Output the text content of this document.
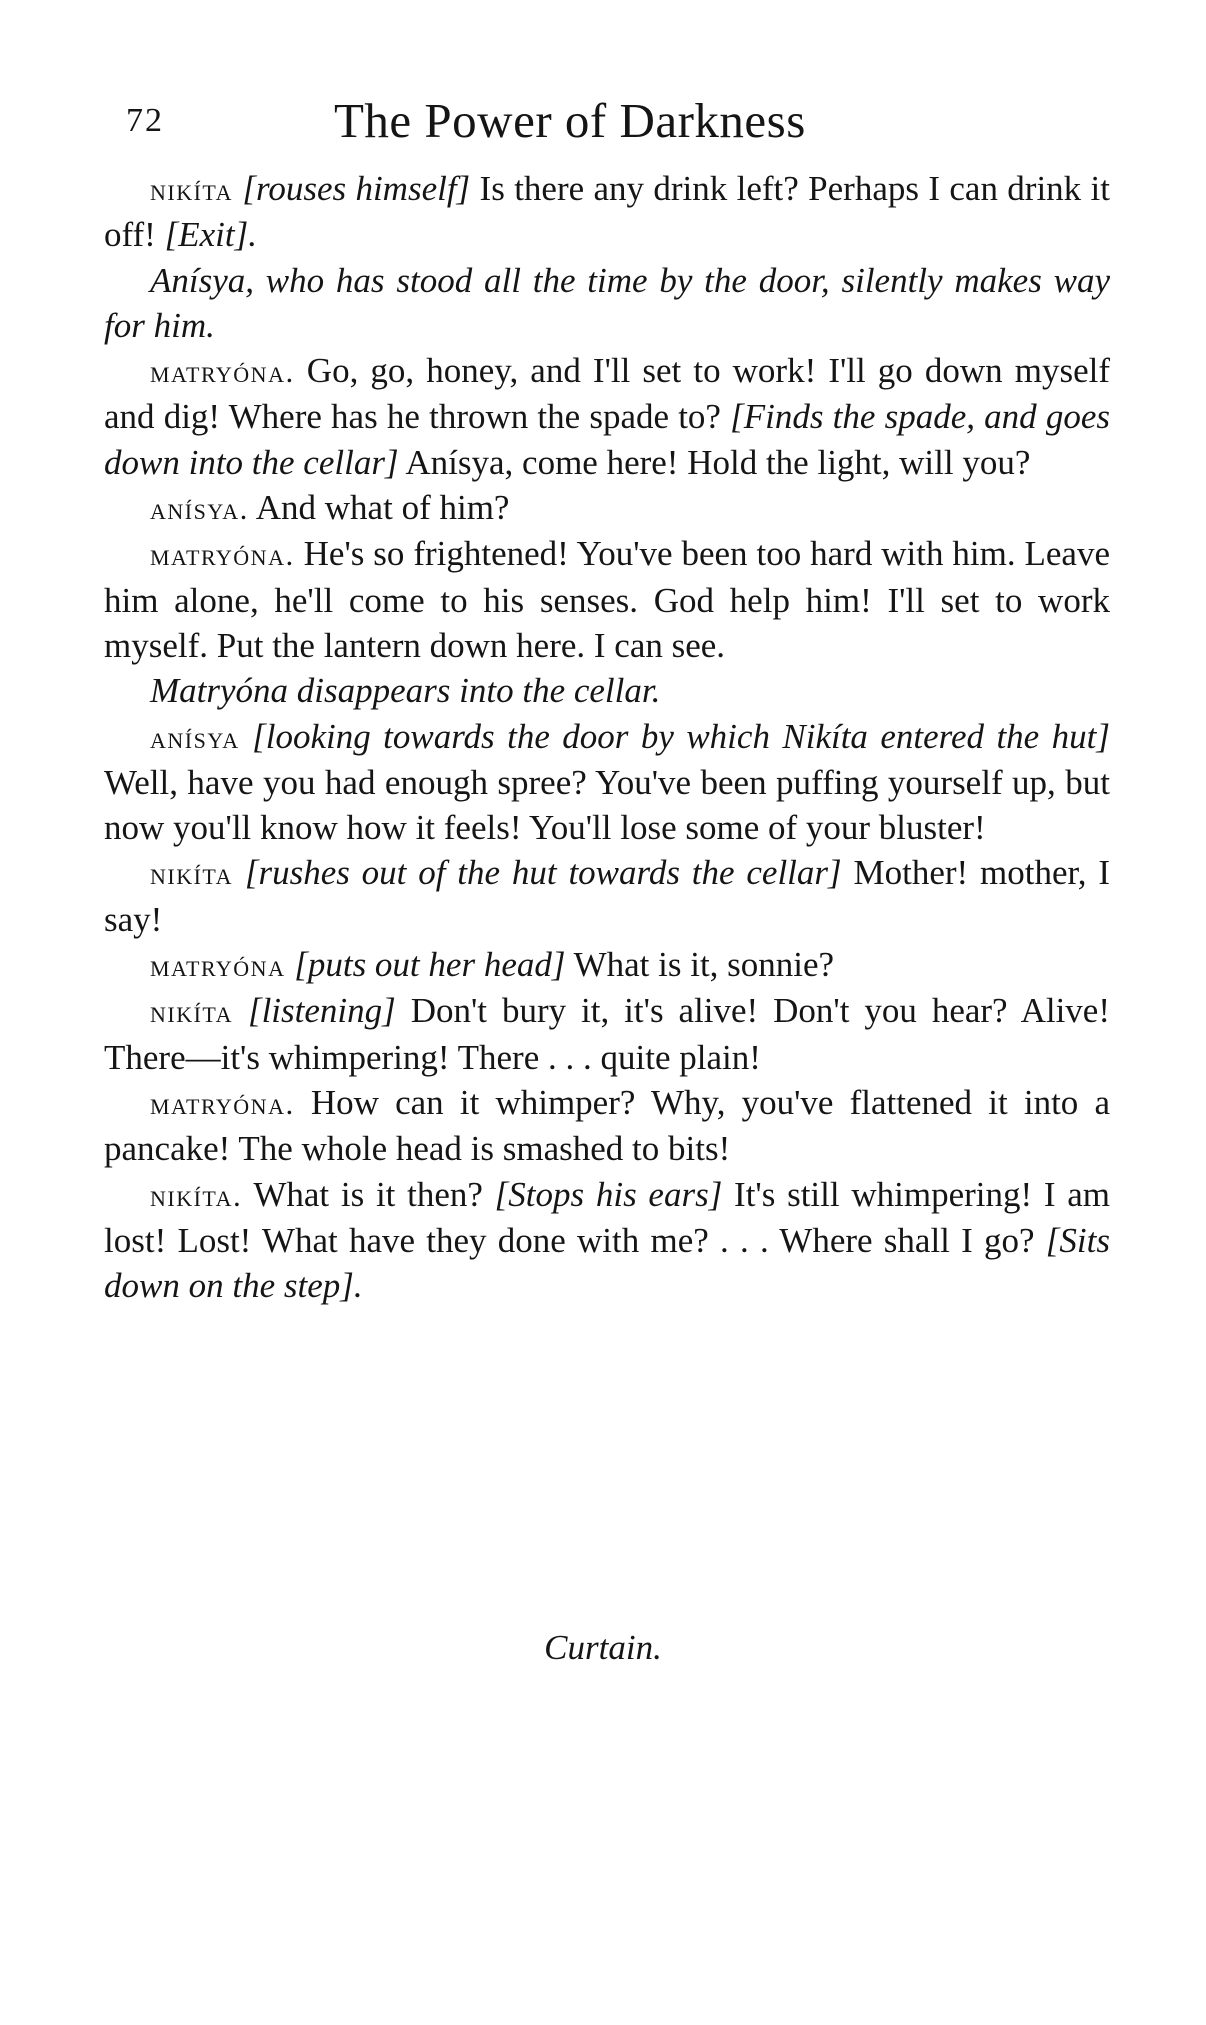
72	The Power of Darkness

nikíta [rouses himself] Is there any drink left? Perhaps I can drink it off! [Exit].

Anísya, who has stood all the time by the door, silently makes way for him.

matryóna. Go, go, honey, and I'll set to work! I'll go down myself and dig! Where has he thrown the spade to? [Finds the spade, and goes down into the cellar] Anísya, come here! Hold the light, will you?

anísya. And what of him?

matryóna. He's so frightened! You've been too hard with him. Leave him alone, he'll come to his senses. God help him! I'll set to work myself. Put the lantern down here. I can see.

Matryóna disappears into the cellar.

anísya [looking towards the door by which Nikíta entered the hut] Well, have you had enough spree? You've been puffing yourself up, but now you'll know how it feels! You'll lose some of your bluster!

nikíta [rushes out of the hut towards the cellar] Mother! mother, I say!

matryóna [puts out her head] What is it, sonnie?

nikíta [listening] Don't bury it, it's alive! Don't you hear? Alive! There—it's whimpering! There . . . quite plain!

matryóna. How can it whimper? Why, you've flattened it into a pancake! The whole head is smashed to bits!

nikíta. What is it then? [Stops his ears] It's still whimpering! I am lost! Lost! What have they done with me? . . . Where shall I go? [Sits down on the step].

Curtain.
